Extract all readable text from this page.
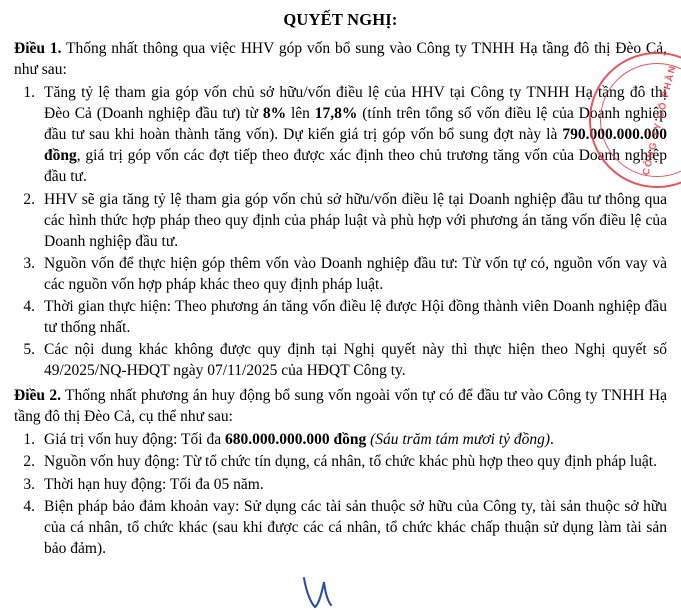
QUYẾT NGHỊ:

Điều 1. Thống nhất thông qua việc HHV góp vốn bổ sung vào Công ty TNHH Hạ tầng đô thị Đèo Cả, như sau:

1. Tăng tỷ lệ tham gia góp vốn chủ sở hữu/vốn điều lệ của HHV tại Công ty TNHH Hạ tầng đô thị Đèo Cả (Doanh nghiệp đầu tư) từ 8% lên 17,8% (tính trên tổng số vốn điều lệ của Doanh nghiệp đầu tư sau khi hoàn thành tăng vốn). Dự kiến giá trị góp vốn bổ sung đợt này là 790.000.000.000 đồng, giá trị góp vốn các đợt tiếp theo được xác định theo chủ trương tăng vốn của Doanh nghiệp đầu tư.
2. HHV sẽ gia tăng tỷ lệ tham gia góp vốn chủ sở hữu/vốn điều lệ tại Doanh nghiệp đầu tư thông qua các hình thức hợp pháp theo quy định của pháp luật và phù hợp với phương án tăng vốn điều lệ của Doanh nghiệp đầu tư.
3. Nguồn vốn để thực hiện góp thêm vốn vào Doanh nghiệp đầu tư: Từ vốn tự có, nguồn vốn vay và các nguồn vốn hợp pháp khác theo quy định pháp luật.
4. Thời gian thực hiện: Theo phương án tăng vốn điều lệ được Hội đồng thành viên Doanh nghiệp đầu tư thống nhất.
5. Các nội dung khác không được quy định tại Nghị quyết này thì thực hiện theo Nghị quyết số 49/2025/NQ-HĐQT ngày 07/11/2025 của HĐQT Công ty.

Điều 2. Thống nhất phương án huy động bổ sung vốn ngoài vốn tự có để đầu tư vào Công ty TNHH Hạ tầng đô thị Đèo Cả, cụ thể như sau:

1. Giá trị vốn huy động: Tối đa 680.000.000.000 đồng (Sáu trăm tám mươi tỷ đồng).
2. Nguồn vốn huy động: Từ tổ chức tín dụng, cá nhân, tổ chức khác phù hợp theo quy định pháp luật.
3. Thời hạn huy động: Tối đa 05 năm.
4. Biện pháp bảo đảm khoản vay: Sử dụng các tài sản thuộc sở hữu của Công ty, tài sản thuộc sở hữu của cá nhân, tổ chức khác (sau khi được các cá nhân, tổ chức khác chấp thuận sử dụng làm tài sản bảo đảm).
CÔNG TY CỔ PHẦN
